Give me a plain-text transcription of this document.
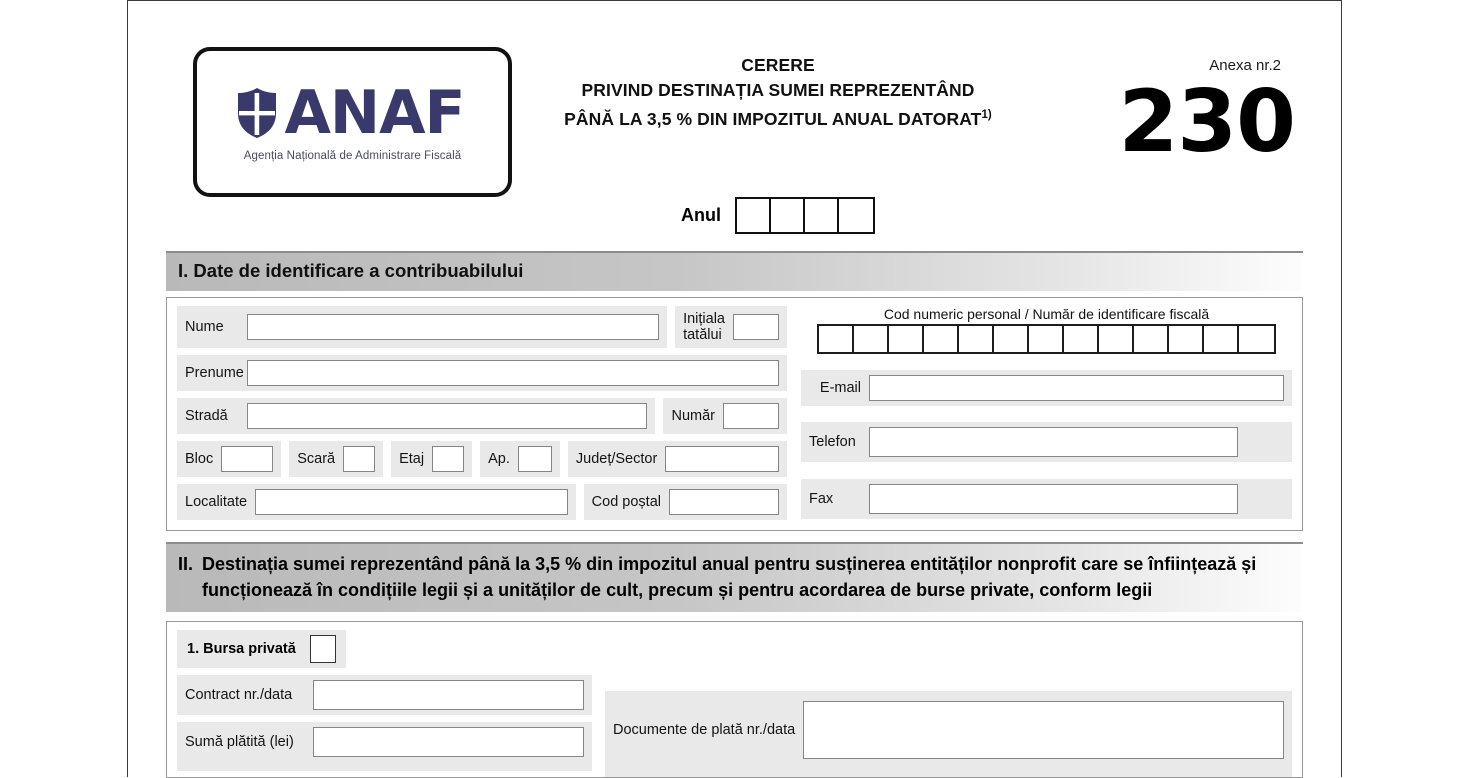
ANAF
Agenția Națională de Administrare Fiscală
CERERE
PRIVIND DESTINAȚIA SUMEI REPREZENTÂND
PÂNĂ LA 3,5 % DIN IMPOZITUL ANUAL DATORAT$^{1)}$
Anexa nr.2
230
Anul
I. Date de identificare a contribuabilului
Nume	Inițiala
tatălui
Prenume
Stradă	Număr
Bloc	Scară	Etaj	Ap.	Județ/Sector
Localitate	Cod poștal
Cod numeric personal / Număr de identificare fiscală
E-mail
Telefon
Fax
II. Destinația sumei reprezentând până la 3,5 % din impozitul anual pentru susținerea entităților nonprofit care se înființează și funcționează în condițiile legii și a unităților de cult, precum și pentru acordarea de burse private, conform legii
1. Bursa privată
Contract nr./data
Sumă plătită (lei)
Documente de plată nr./data
